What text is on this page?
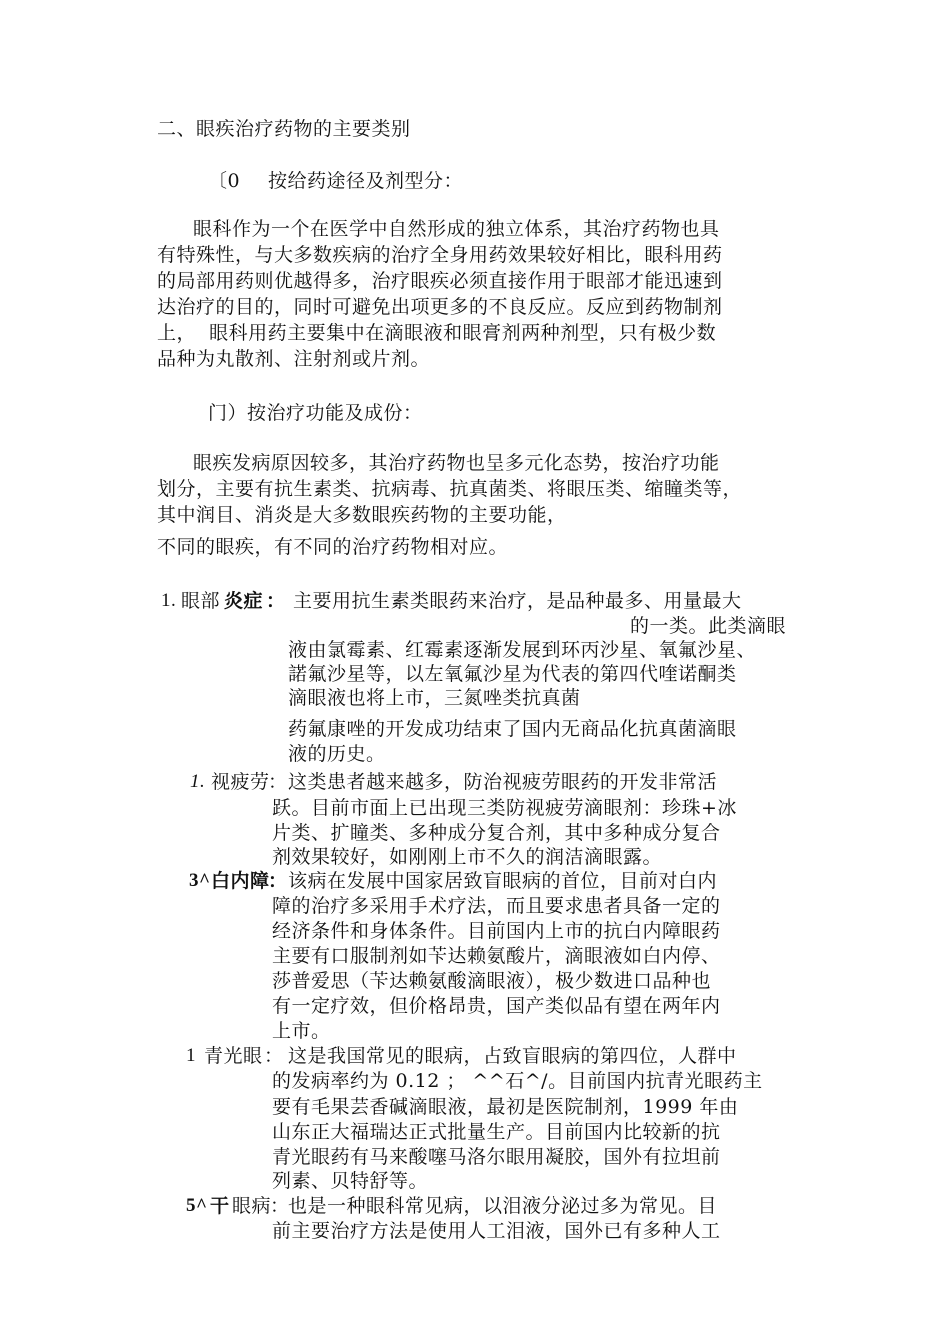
二、眼疾治疗药物的主要类别
〔0 按给药途径及剂型分：
眼科作为一个在医学中自然形成的独立体系，其治疗药物也具
有特殊性，与大多数疾病的治疗全身用药效果较好相比，眼科用药
的局部用药则优越得多，治疗眼疾必须直接作用于眼部才能迅速到
达治疗的目的，同时可避免出项更多的不良反应。反应到药物制剂
上，  眼科用药主要集中在滴眼液和眼膏剂两种剂型，只有极少数
品种为丸散剂、注射剂或片剂。
门）按治疗功能及成份：
眼疾发病原因较多，其治疗药物也呈多元化态势，按治疗功能
划分，主要有抗生素类、抗病毒、抗真菌类、将眼压类、缩瞳类等，
其中润目、消炎是大多数眼疾药物的主要功能，
不同的眼疾，有不同的治疗药物相对应。
1. 眼部 炎症 ： 主要用抗生素类眼药来治疗，是品种最多、用量最大
的一类。此类滴眼
液由氯霉素、红霉素逐渐发展到环丙沙星、氧氟沙星、
諾氟沙星等，以左氧氟沙星为代表的第四代喹诺酮类
滴眼液也将上市，三氮唑类抗真菌
药氟康唑的开发成功结束了国内无商品化抗真菌滴眼
液的历史。
1. 视疲劳
： 这类患者越来越多，防治视疲劳眼药的开发非常活
跃。目前市面上已出现三类防视疲劳滴眼剂：珍珠+冰
片类、扩瞳类、多种成分复合剂，其中多种成分复合
剂效果较好，如刚刚上市不久的润洁滴眼露。
3^ 白内障
： 该病在发展中国家居致盲眼病的首位，目前对白内
障的治疗多采用手术疗法，而且要求患者具备一定的
经济条件和身体条件。目前国内上市的抗白内障眼药
主要有口服制剂如苄达赖氨酸片，滴眼液如白内停、
莎普爱思（苄达赖氨酸滴眼液），极少数进口品种也
有一定疗效，但价格昂贵，国产类似品有望在两年内
上市。
1 青光眼 ： 这是我国常见的眼病，占致盲眼病的第四位，人群中
的发病率约为 0.12 ； ^^石^/。目前国内抗青光眼药主
要有毛果芸香碱滴眼液，最初是医院制剂，1999 年由
山东正大福瑞达正式批量生产。目前国内比较新的抗
青光眼药有马来酸噻马洛尔眼用凝胶，国外有拉坦前
列素、贝特舒等。
5^ 干 眼病
：
也是一种眼科常见病，以泪液分泌过多为常见。目
前主要治疗方法是使用人工泪液，国外已有多种人工
